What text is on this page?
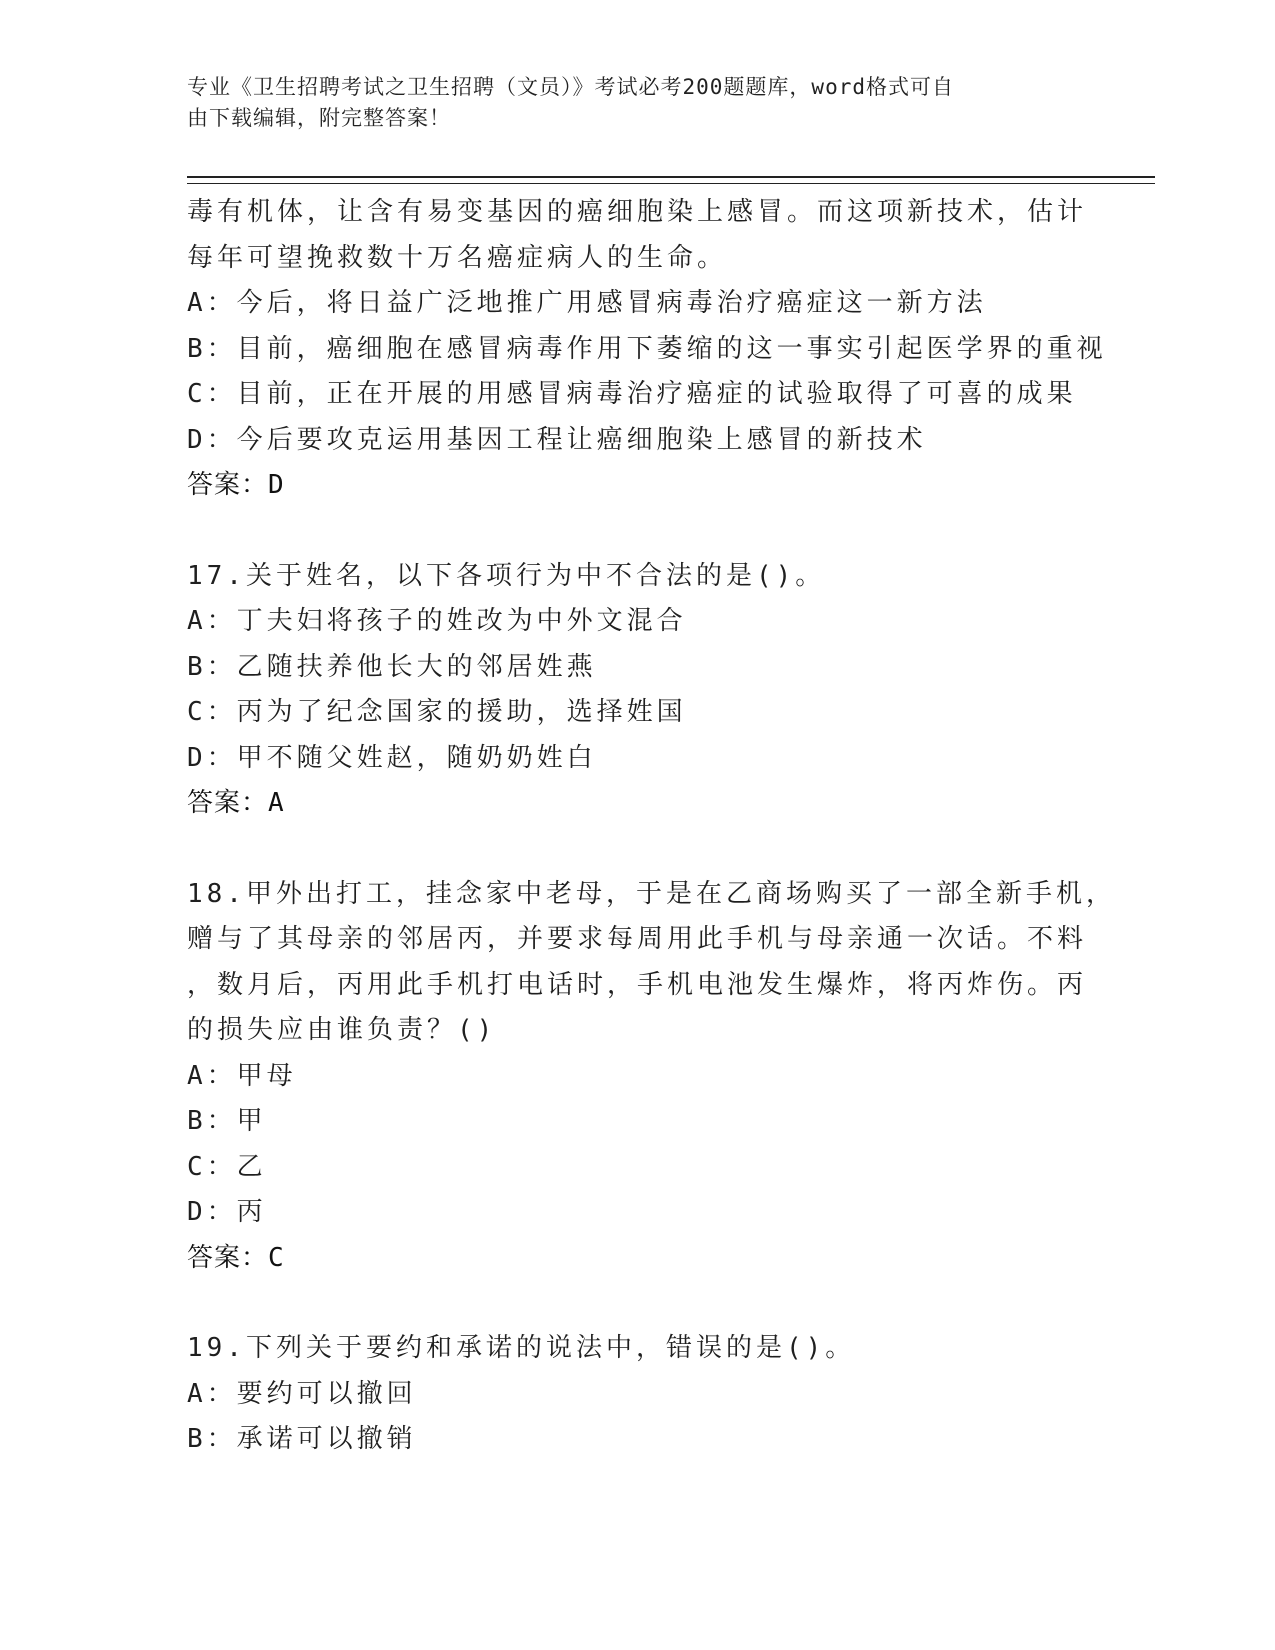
专业《卫生招聘考试之卫生招聘（文员）》考试必考200题题库，word格式可自
由下载编辑，附完整答案！
毒有机体，让含有易变基因的癌细胞染上感冒。而这项新技术，估计
每年可望挽救数十万名癌症病人的生命。
A：今后，将日益广泛地推广用感冒病毒治疗癌症这一新方法
B：目前，癌细胞在感冒病毒作用下萎缩的这一事实引起医学界的重视
C：目前，正在开展的用感冒病毒治疗癌症的试验取得了可喜的成果
D：今后要攻克运用基因工程让癌细胞染上感冒的新技术
答案：D
17.关于姓名，以下各项行为中不合法的是()。
A：丁夫妇将孩子的姓改为中外文混合
B：乙随扶养他长大的邻居姓燕
C：丙为了纪念国家的援助，选择姓国
D：甲不随父姓赵，随奶奶姓白
答案：A
18.甲外出打工，挂念家中老母，于是在乙商场购买了一部全新手机，
赠与了其母亲的邻居丙，并要求每周用此手机与母亲通一次话。不料
，数月后，丙用此手机打电话时，手机电池发生爆炸，将丙炸伤。丙
的损失应由谁负责？()
A：甲母
B：甲
C：乙
D：丙
答案：C
19.下列关于要约和承诺的说法中，错误的是()。
A：要约可以撤回
B：承诺可以撤销
